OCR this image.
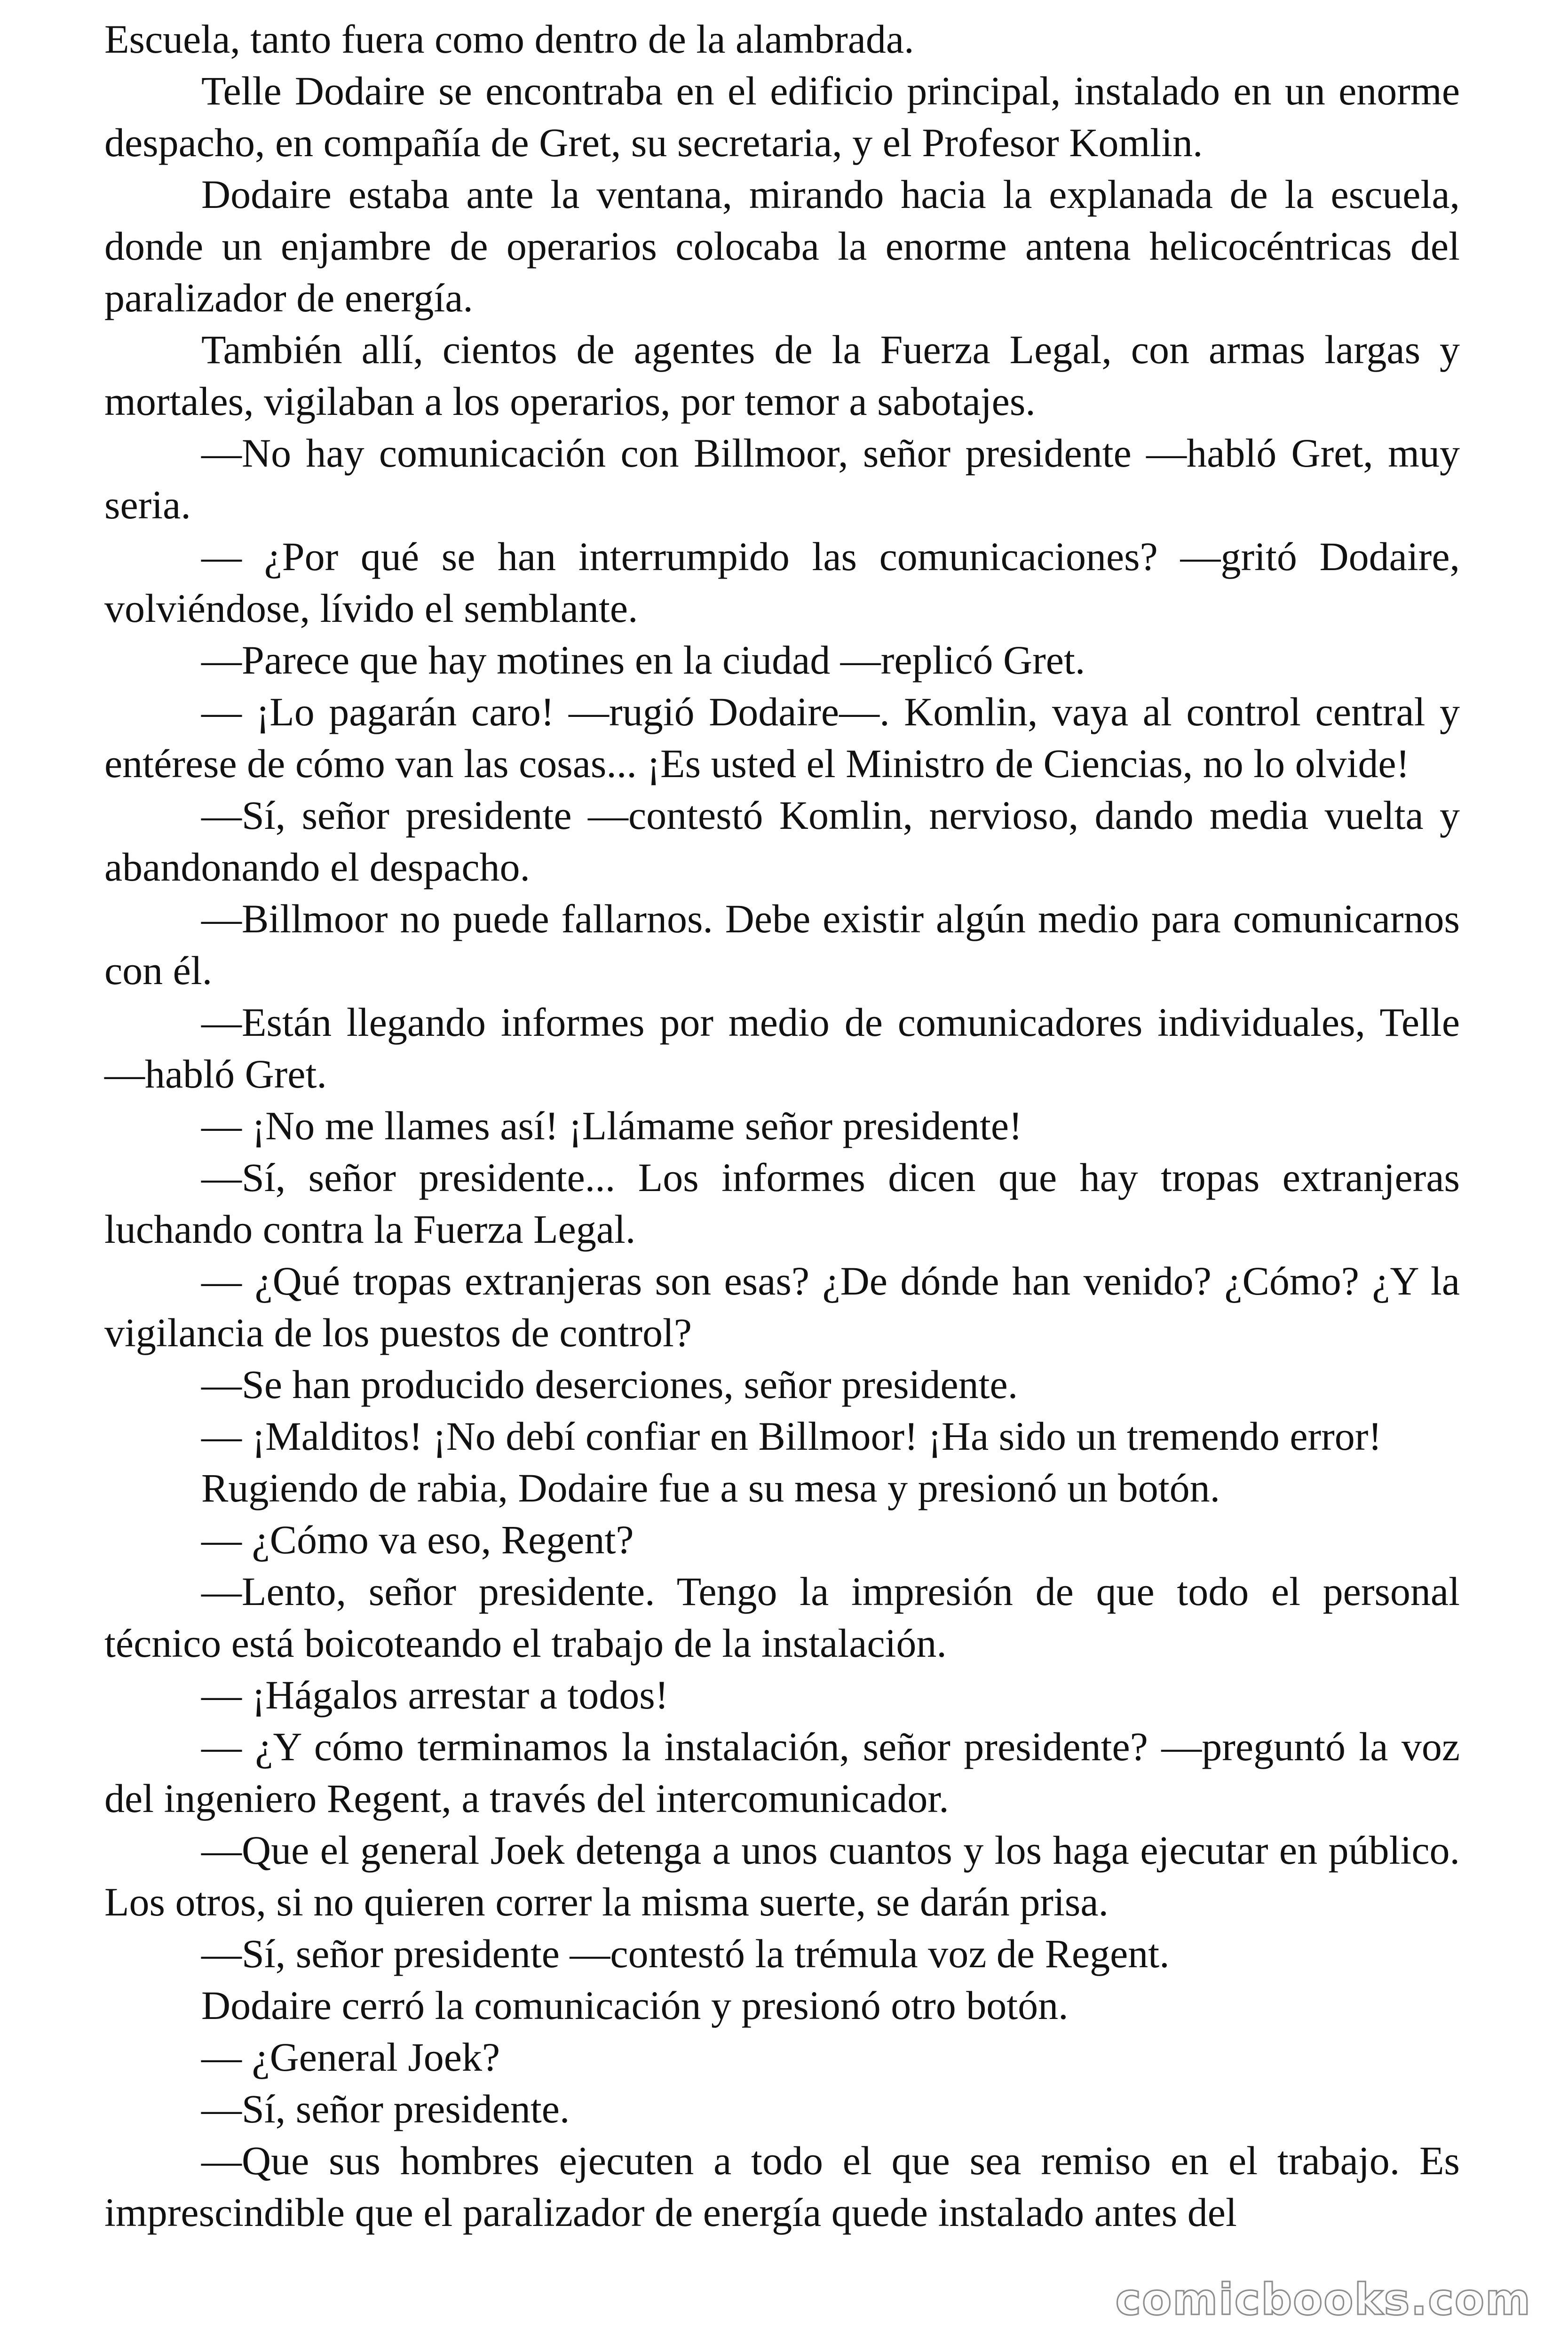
Escuela, tanto fuera como dentro de la alambrada.

Telle Dodaire se encontraba en el edificio principal, instalado en un enorme despacho, en compañía de Gret, su secretaria, y el Profesor Komlin.

Dodaire estaba ante la ventana, mirando hacia la explanada de la escuela, donde un enjambre de operarios colocaba la enorme antena helicocéntricas del paralizador de energía.

También allí, cientos de agentes de la Fuerza Legal, con armas largas y mortales, vigilaban a los operarios, por temor a sabotajes.

—No hay comunicación con Billmoor, señor presidente —habló Gret, muy seria.

— ¿Por qué se han interrumpido las comunicaciones? —gritó Dodaire, volviéndose, lívido el semblante.

—Parece que hay motines en la ciudad —replicó Gret.

— ¡Lo pagarán caro! —rugió Dodaire—. Komlin, vaya al control central y entérese de cómo van las cosas... ¡Es usted el Ministro de Ciencias, no lo olvide!

—Sí, señor presidente —contestó Komlin, nervioso, dando media vuelta y abandonando el despacho.

—Billmoor no puede fallarnos. Debe existir algún medio para comunicarnos con él.

—Están llegando informes por medio de comunicadores individuales, Telle —habló Gret.

— ¡No me llames así! ¡Llámame señor presidente!

—Sí, señor presidente... Los informes dicen que hay tropas extranjeras luchando contra la Fuerza Legal.

— ¿Qué tropas extranjeras son esas? ¿De dónde han venido? ¿Cómo? ¿Y la vigilancia de los puestos de control?

—Se han producido deserciones, señor presidente.

— ¡Malditos! ¡No debí confiar en Billmoor! ¡Ha sido un tremendo error!

Rugiendo de rabia, Dodaire fue a su mesa y presionó un botón.

— ¿Cómo va eso, Regent?

—Lento, señor presidente. Tengo la impresión de que todo el personal técnico está boicoteando el trabajo de la instalación.

— ¡Hágalos arrestar a todos!

— ¿Y cómo terminamos la instalación, señor presidente? —preguntó la voz del ingeniero Regent, a través del intercomunicador.

—Que el general Joek detenga a unos cuantos y los haga ejecutar en público. Los otros, si no quieren correr la misma suerte, se darán prisa.

—Sí, señor presidente —contestó la trémula voz de Regent.

Dodaire cerró la comunicación y presionó otro botón.

— ¿General Joek?

—Sí, señor presidente.

—Que sus hombres ejecuten a todo el que sea remiso en el trabajo. Es imprescindible que el paralizador de energía quede instalado antes del

comicbooks.com
